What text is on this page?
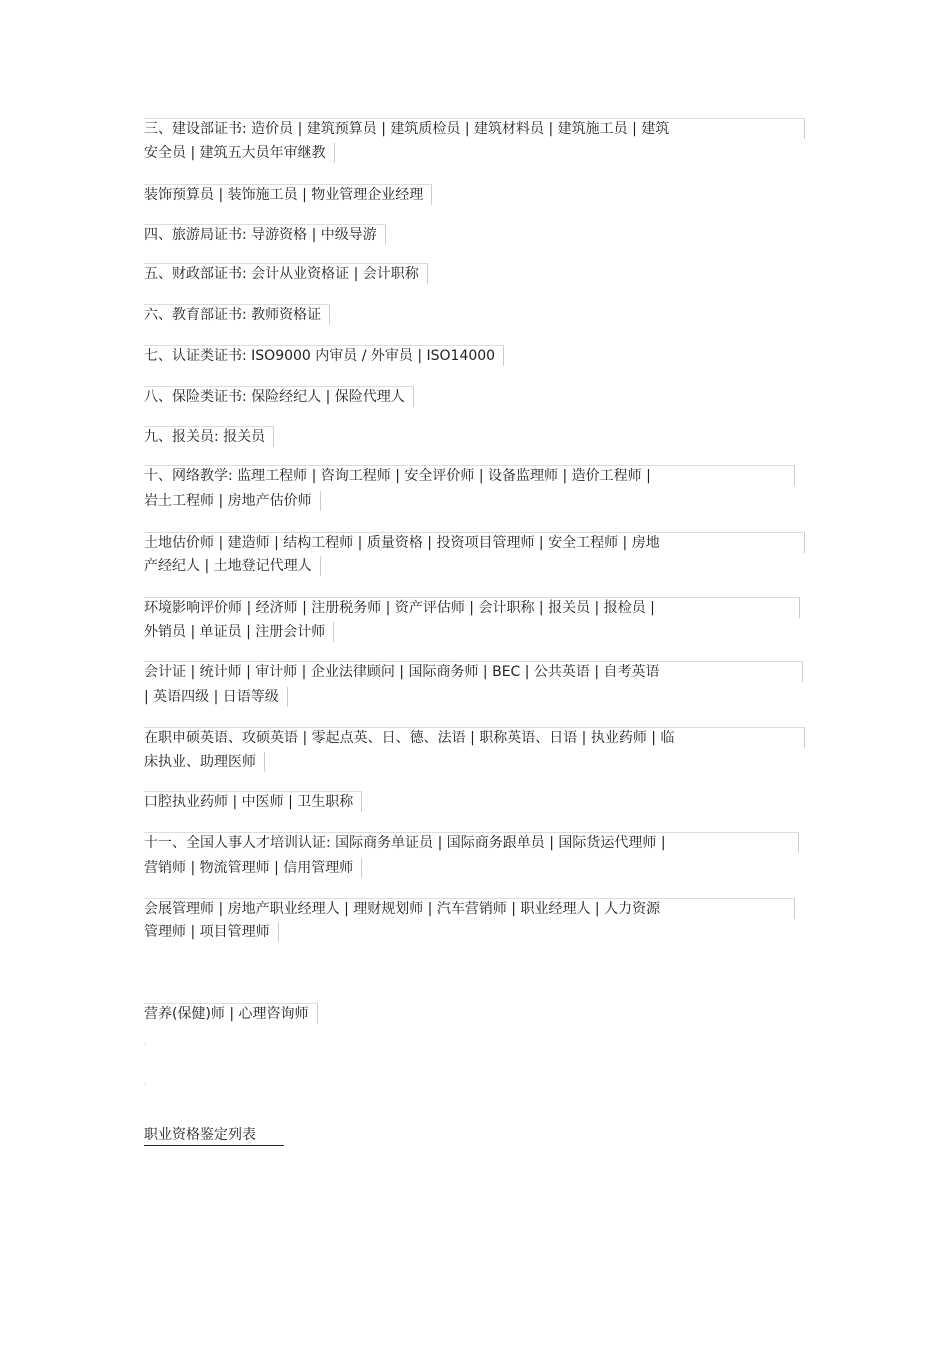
三、建设部证书: 造价员 | 建筑预算员 | 建筑质检员 | 建筑材料员 | 建筑施工员 | 建筑
安全员 | 建筑五大员年审继教
装饰预算员 | 装饰施工员 | 物业管理企业经理
四、旅游局证书: 导游资格 | 中级导游
五、财政部证书: 会计从业资格证 | 会计职称
六、教育部证书: 教师资格证
七、认证类证书: ISO9000 内审员 / 外审员 | ISO14000
八、保险类证书: 保险经纪人 | 保险代理人
九、报关员: 报关员
十、网络教学: 监理工程师 | 咨询工程师 | 安全评价师 | 设备监理师 | 造价工程师 |
岩土工程师 | 房地产估价师
土地估价师 | 建造师 | 结构工程师 | 质量资格 | 投资项目管理师 | 安全工程师 | 房地
产经纪人 | 土地登记代理人
环境影响评价师 | 经济师 | 注册税务师 | 资产评估师 | 会计职称 | 报关员 | 报检员 |
外销员 | 单证员 | 注册会计师
会计证 | 统计师 | 审计师 | 企业法律顾问 | 国际商务师 | BEC | 公共英语 | 自考英语
| 英语四级 | 日语等级
在职申硕英语、攻硕英语 | 零起点英、日、德、法语 | 职称英语、日语 | 执业药师 | 临
床执业、助理医师
口腔执业药师 | 中医师 | 卫生职称
十一、全国人事人才培训认证: 国际商务单证员 | 国际商务跟单员 | 国际货运代理师 |
营销师 | 物流管理师 | 信用管理师
会展管理师 | 房地产职业经理人 | 理财规划师 | 汽车营销师 | 职业经理人 | 人力资源
管理师 | 项目管理师
营养(保健)师 | 心理咨询师
职业资格鉴定列表
